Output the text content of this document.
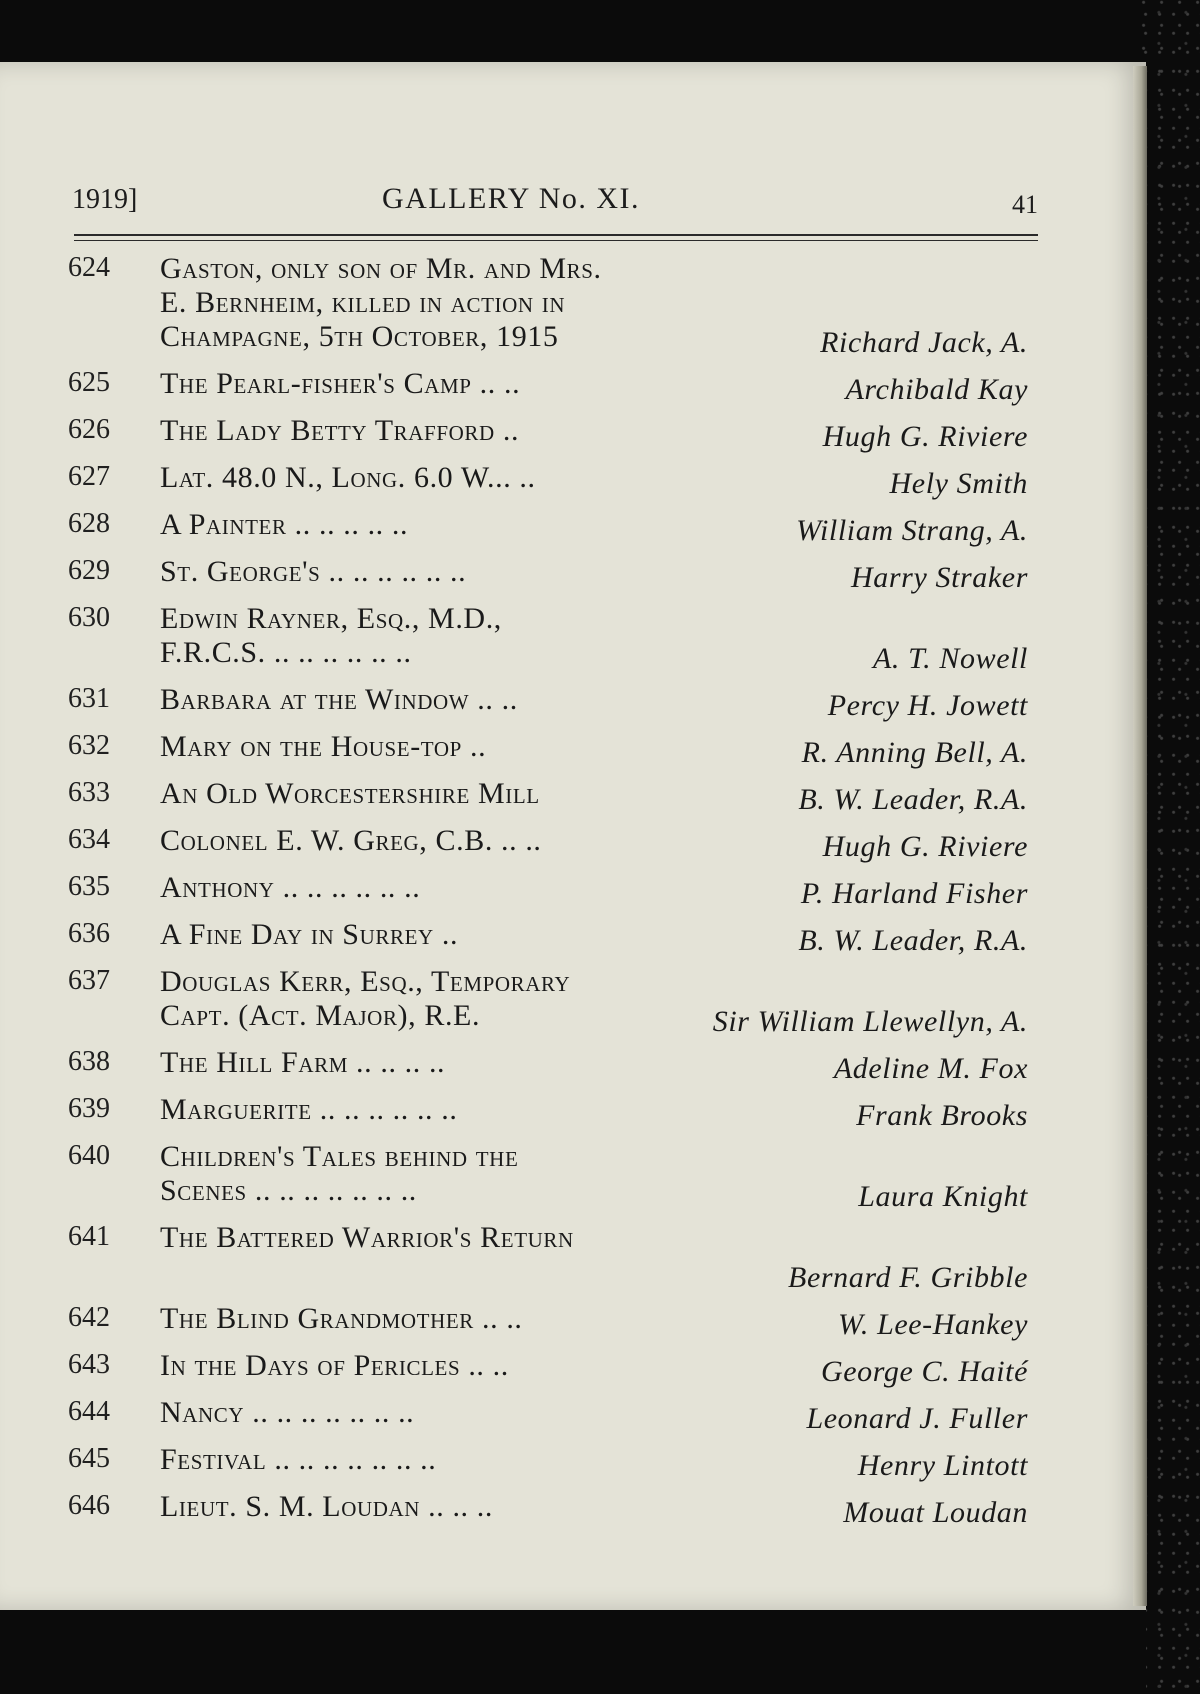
1919]	GALLERY No. XI.	41
624	Gaston, only son of Mr. and Mrs.
E. Bernheim, killed in action in
Champagne, 5th October, 1915	Richard Jack, A.
625	The Pearl-fisher's Camp .. ..	Archibald Kay
626	The Lady Betty Trafford ..	Hugh G. Riviere
627	Lat. 48.0 N., Long. 6.0 W... ..	Hely Smith
628	A Painter .. .. .. .. ..	William Strang, A.
629	St. George's .. .. .. .. .. ..	Harry Straker
630	Edwin Rayner, Esq., M.D.,
F.R.C.S. .. .. .. .. .. ..	A. T. Nowell
631	Barbara at the Window .. ..	Percy H. Jowett
632	Mary on the House-top ..	R. Anning Bell, A.
633	An Old Worcestershire Mill	B. W. Leader, R.A.
634	Colonel E. W. Greg, C.B. .. ..	Hugh G. Riviere
635	Anthony .. .. .. .. .. ..	P. Harland Fisher
636	A Fine Day in Surrey ..	B. W. Leader, R.A.
637	Douglas Kerr, Esq., Temporary
Capt. (Act. Major), R.E.	Sir William Llewellyn, A.
638	The Hill Farm .. .. .. ..	Adeline M. Fox
639	Marguerite .. .. .. .. .. ..	Frank Brooks
640	Children's Tales behind the
Scenes .. .. .. .. .. .. ..	Laura Knight
641	The Battered Warrior's Return
Bernard F. Gribble
642	The Blind Grandmother .. ..	W. Lee-Hankey
643	In the Days of Pericles .. ..	George C. Haité
644	Nancy .. .. .. .. .. .. ..	Leonard J. Fuller
645	Festival .. .. .. .. .. .. ..	Henry Lintott
646	Lieut. S. M. Loudan .. .. ..	Mouat Loudan
